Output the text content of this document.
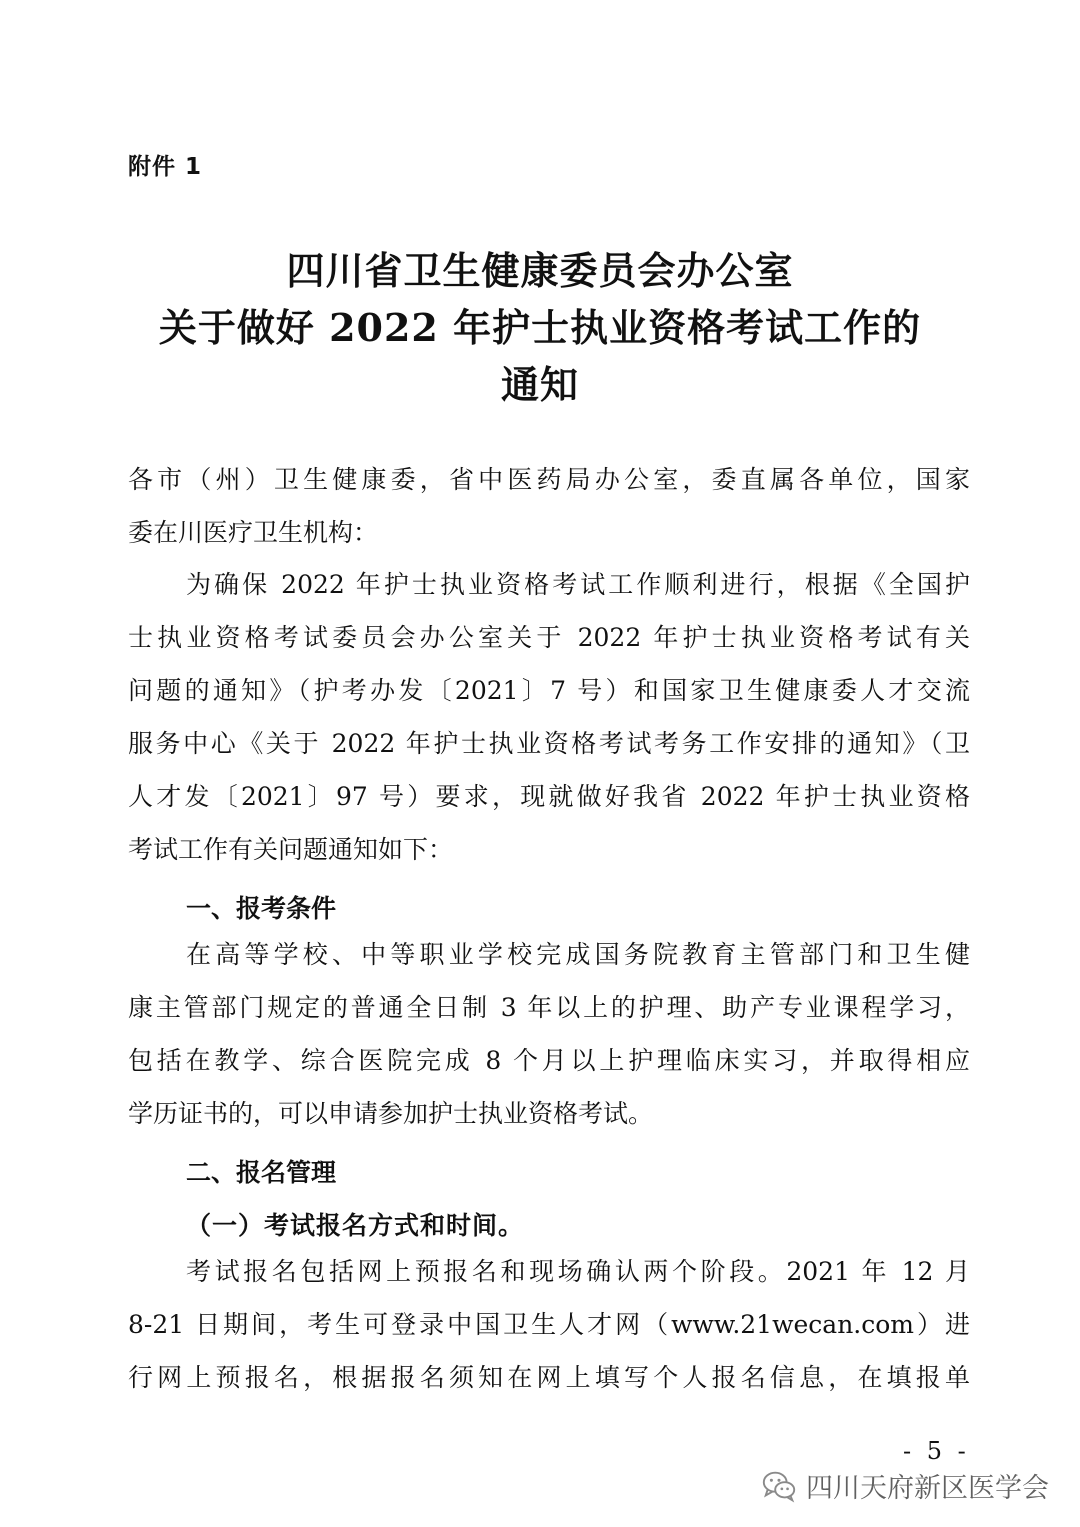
附件 1
四川省卫生健康委员会办公室
关于做好 2022 年护士执业资格考试工作的
通知
各市（州）卫生健康委，省中医药局办公室，委直属各单位，国家
委在川医疗卫生机构：
为确保 2022 年护士执业资格考试工作顺利进行，根据《全国护
士执业资格考试委员会办公室关于 2022 年护士执业资格考试有关
问题的通知》（护考办发〔2021〕7 号）和国家卫生健康委人才交流
服务中心《关于 2022 年护士执业资格考试考务工作安排的通知》（卫
人才发〔2021〕97 号）要求，现就做好我省 2022 年护士执业资格
考试工作有关问题通知如下：
一、报考条件
在高等学校、中等职业学校完成国务院教育主管部门和卫生健
康主管部门规定的普通全日制 3 年以上的护理、助产专业课程学习，
包括在教学、综合医院完成 8 个月以上护理临床实习，并取得相应
学历证书的，可以申请参加护士执业资格考试。
二、报名管理
（一）考试报名方式和时间。
考试报名包括网上预报名和现场确认两个阶段。2021 年 12 月
8-21 日期间，考生可登录中国卫生人才网（www.21wecan.com）进
行网上预报名，根据报名须知在网上填写个人报名信息，在填报单
- 5 -
四川天府新区医学会
